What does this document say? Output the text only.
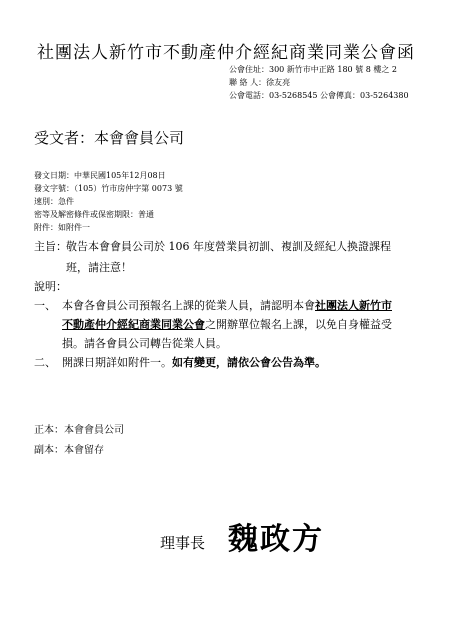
社團法人新竹市不動產仲介經紀商業同業公會函
公會住址：300 新竹市中正路 180 號 8 樓之 2
聯 絡 人：徐友亮
公會電話：03-5268545 公會傳真：03-5264380
受文者：本會會員公司
發文日期：中華民國105年12月08日
發文字號：（105）竹市房仲字第 0073 號
速別：急件
密等及解密條件或保密期限：普通
附件：如附件一
主旨： 敬告本會會員公司於 106 年度營業員初訓、複訓及經紀人換證課程
班，請注意！
說明：
一、 本會各會員公司預報名上課的從業人員，請認明本會社團法人新竹市
不動產仲介經紀商業同業公會之開辦單位報名上課，以免自身權益受
損。請各會員公司轉告從業人員。
二、 開課日期詳如附件一。如有變更，請依公會公告為準。
正本：本會會員公司
副本：本會留存
理事長 魏政方
